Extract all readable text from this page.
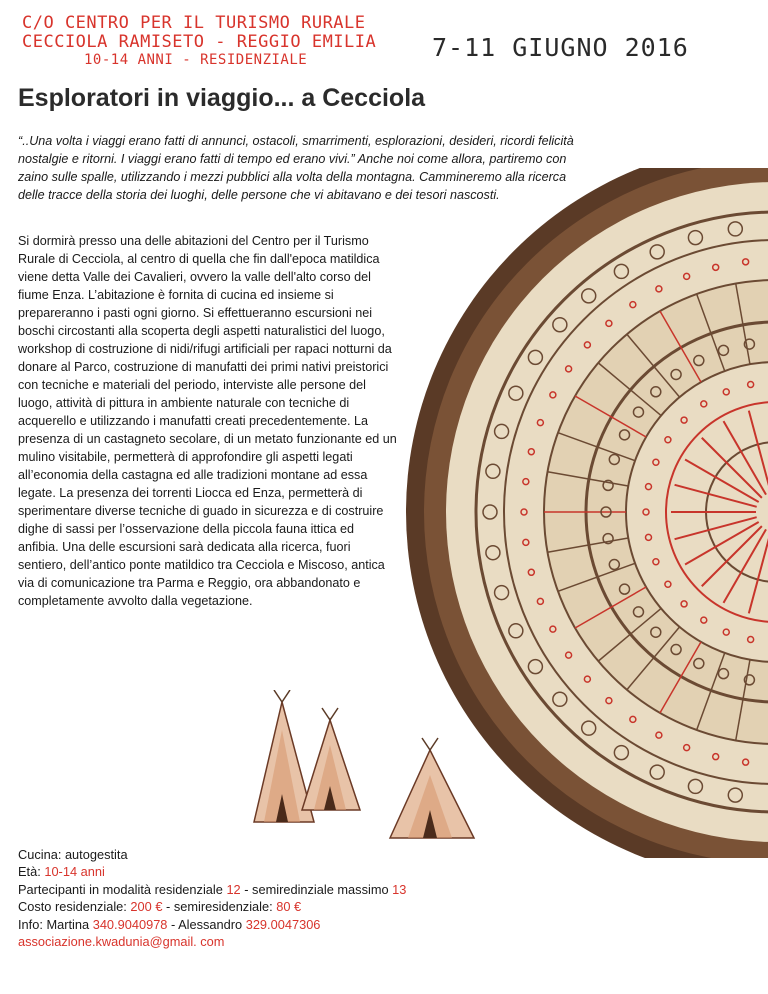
C/O CENTRO PER IL TURISMO RURALE
CECCIOLA RAMISETO - REGGIO EMILIA
10-14 ANNI - RESIDENZIALE	7-11 GIUGNO 2016
Esploratori in viaggio... a Cecciola

“..Una volta i viaggi erano fatti di annunci, ostacoli, smarrimenti, esplorazioni, desideri, ricordi felicità nostalgie e ritorni. I viaggi erano fatti di tempo ed erano vivi.” Anche noi come allora, partiremo con zaino sulle spalle, utilizzando i mezzi pubblici alla volta della montagna. Cammineremo alla ricerca delle tracce della storia dei luoghi, delle persone che vi abitavano e dei tesori nascosti.

Si dormirà presso una delle abitazioni del Centro per il Turismo Rurale di Cecciola, al centro di quella che fin dall'epoca matildica viene detta Valle dei Cavalieri, ovvero la valle dell'alto corso del fiume Enza. L’abitazione è fornita di cucina ed insieme si prepareranno i pasti ogni giorno. Si effettueranno escursioni nei boschi circostanti alla scoperta degli aspetti naturalistici del luogo, workshop di costruzione di nidi/rifugi artificiali per rapaci notturni da donare al Parco, costruzione di manufatti dei primi nativi preistorici con tecniche e materiali del periodo, interviste alle persone del luogo, attività di pittura in ambiente naturale con tecniche di acquerello e utilizzando i manufatti creati precedentemente. La presenza di un castagneto secolare, di un metato funzionante ed un mulino visitabile, permetterà di approfondire gli aspetti legati all’economia della castagna ed alle tradizioni montane ad essa legate. La presenza dei torrenti Liocca ed Enza, permetterà di sperimentare diverse tecniche di guado in sicurezza e di costruire dighe di sassi per l’osservazione della piccola fauna ittica ed anfibia. Una delle escursioni sarà dedicata alla ricerca, fuori sentiero, dell’antico ponte matildico tra Cecciola e Miscoso, antica via di comunicazione tra Parma e Reggio, ora abbandonato e completamente avvolto dalla vegetazione.

Cucina: autogestita
Età: 10-14 anni
Partecipanti in modalità residenziale 12 - semiredinziale massimo 13
Costo residenziale: 200 € - semiresidenziale: 80 €
Info: Martina 340.9040978 - Alessandro 329.0047306
associazione.kwadunia@gmail. com
